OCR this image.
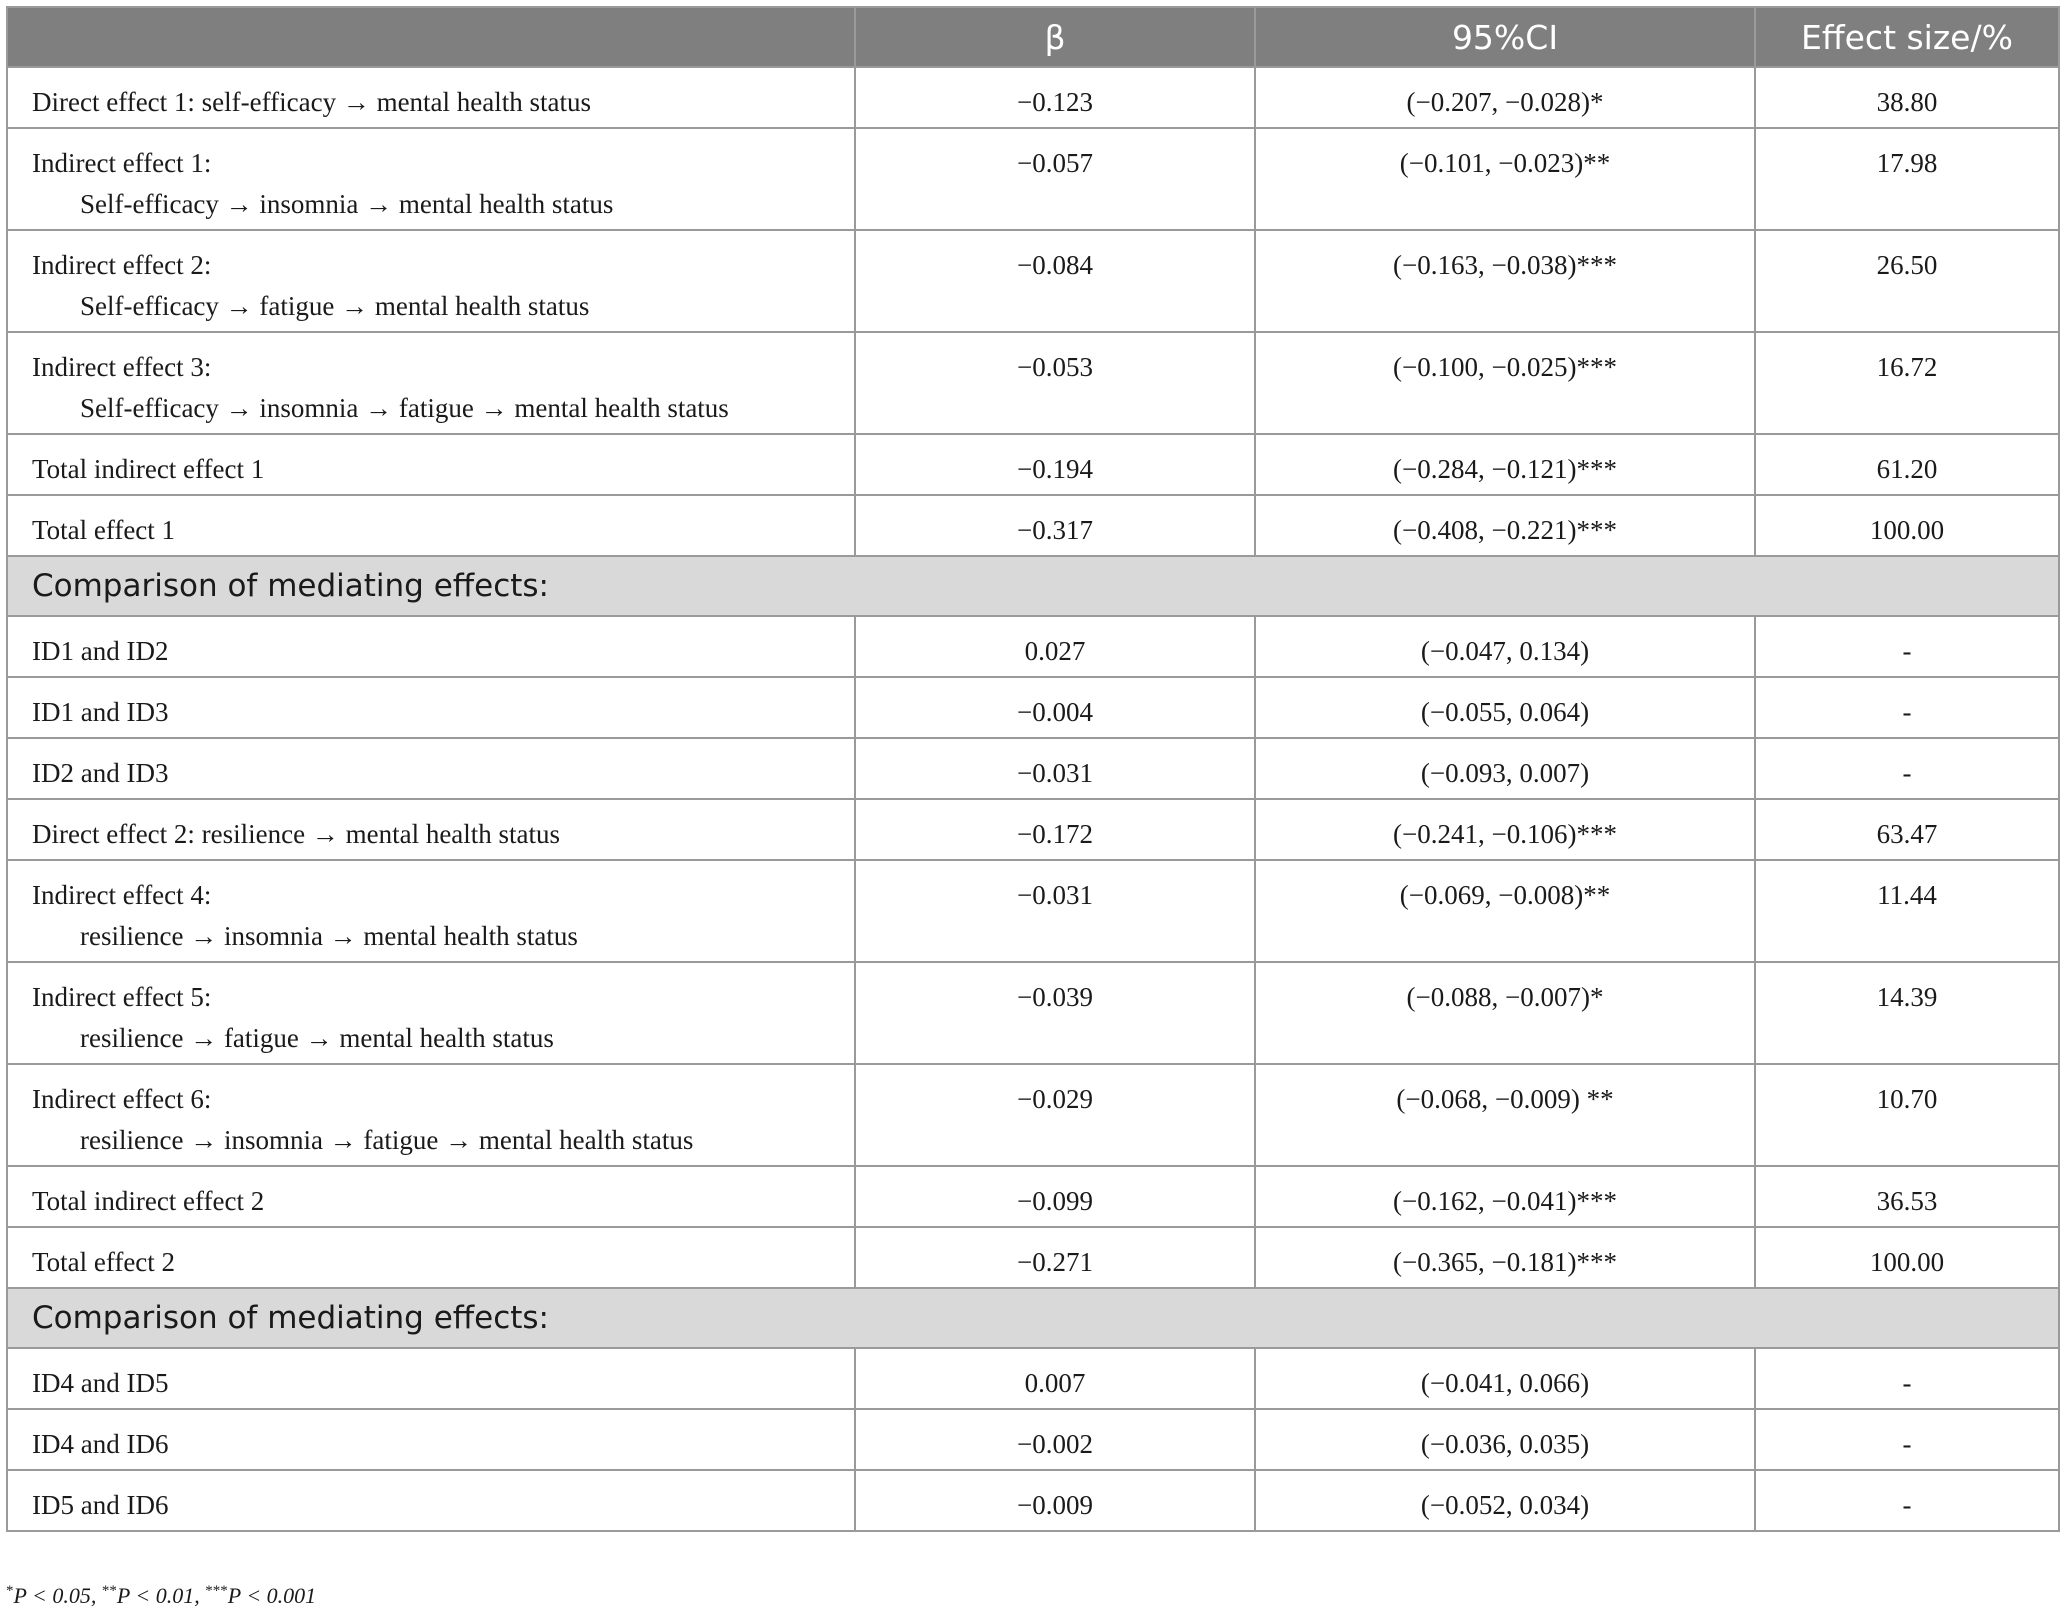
	β	95%CI	Effect size/%
Direct effect 1: self-efficacy → mental health status	−0.123	(−0.207, −0.028)*	38.80
Indirect effect 1:
Self-efficacy → insomnia → mental health status	−0.057	(−0.101, −0.023)**	17.98
Indirect effect 2:
Self-efficacy → fatigue → mental health status	−0.084	(−0.163, −0.038)***	26.50
Indirect effect 3:
Self-efficacy → insomnia → fatigue → mental health status	−0.053	(−0.100, −0.025)***	16.72
Total indirect effect 1	−0.194	(−0.284, −0.121)***	61.20
Total effect 1	−0.317	(−0.408, −0.221)***	100.00
Comparison of mediating effects:			
ID1 and ID2	0.027	(−0.047, 0.134)	-
ID1 and ID3	−0.004	(−0.055, 0.064)	-
ID2 and ID3	−0.031	(−0.093, 0.007)	-
Direct effect 2: resilience → mental health status	−0.172	(−0.241, −0.106)***	63.47
Indirect effect 4:
resilience → insomnia → mental health status	−0.031	(−0.069, −0.008)**	11.44
Indirect effect 5:
resilience → fatigue → mental health status	−0.039	(−0.088, −0.007)*	14.39
Indirect effect 6:
resilience → insomnia → fatigue → mental health status	−0.029	(−0.068, −0.009) **	10.70
Total indirect effect 2	−0.099	(−0.162, −0.041)***	36.53
Total effect 2	−0.271	(−0.365, −0.181)***	100.00
Comparison of mediating effects:			
ID4 and ID5	0.007	(−0.041, 0.066)	-
ID4 and ID6	−0.002	(−0.036, 0.035)	-
ID5 and ID6	−0.009	(−0.052, 0.034)	-
*P < 0.05, **P < 0.01, ***P < 0.001
